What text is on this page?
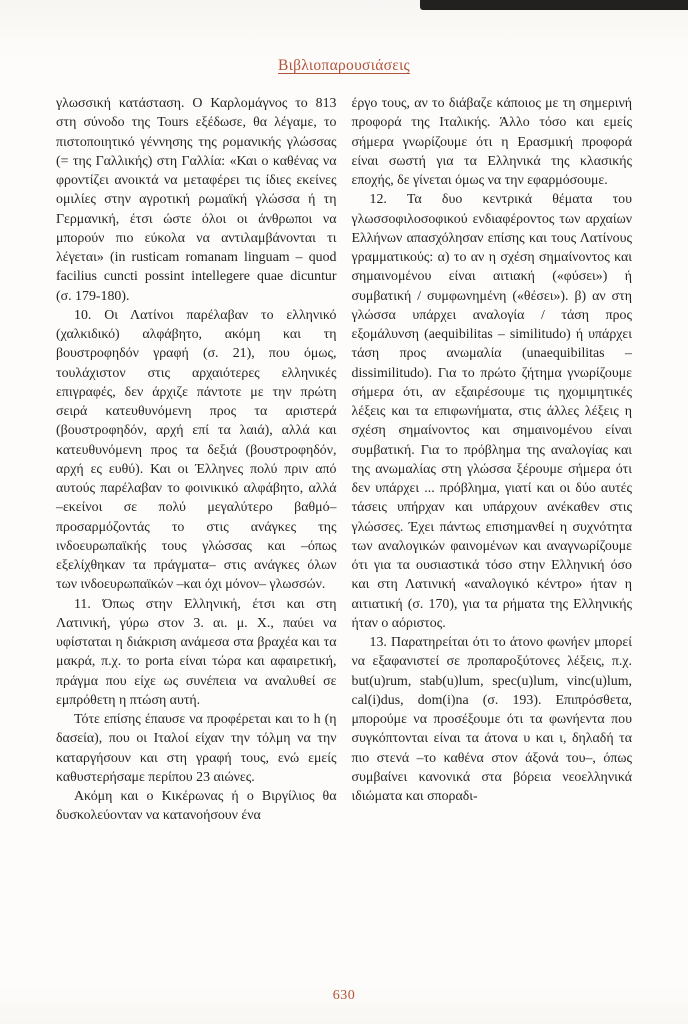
Βιβλιοπαρουσιάσεις

γλωσσική κατάσταση. Ο Καρλομάγνος το 813 στη σύνοδο της Tours εξέδωσε, θα λέγαμε, το πιστοποιητικό γέννησης της ρομανικής γλώσσας (= της Γαλλικής) στη Γαλλία: «Και ο καθένας να φροντίζει ανοικτά να μεταφέρει τις ίδιες εκείνες ομιλίες στην αγροτική ρωμαϊκή γλώσσα ή τη Γερμανική, έτσι ώστε όλοι οι άνθρωποι να μπορούν πιο εύκολα να αντιλαμβάνονται τι λέγεται» (in rusticam romanam linguam – quod facilius cuncti possint intellegere quae dicuntur (σ. 179-180).

10. Οι Λατίνοι παρέλαβαν το ελληνικό (χαλκιδικό) αλφάβητο, ακόμη και τη βουστροφηδόν γραφή (σ. 21), που όμως, τουλάχιστον στις αρχαιότερες ελληνικές επιγραφές, δεν άρχιζε πάντοτε με την πρώτη σειρά κατευθυνόμενη προς τα αριστερά (βουστροφηδόν, αρχή επί τα λαιά), αλλά και κατευθυνόμενη προς τα δεξιά (βουστροφηδόν, αρχή ες ευθύ). Και οι Έλληνες πολύ πριν από αυτούς παρέλαβαν το φοινικικό αλφάβητο, αλλά –εκείνοι σε πολύ μεγαλύτερο βαθμό– προσαρμόζοντάς το στις ανάγκες της ινδοευρωπαϊκής τους γλώσσας και –όπως εξελίχθηκαν τα πράγματα– στις ανάγκες όλων των ινδοευρωπαϊκών –και όχι μόνον– γλωσσών.

11. Όπως στην Ελληνική, έτσι και στη Λατινική, γύρω στον 3. αι. μ. Χ., παύει να υφίσταται η διάκριση ανάμεσα στα βραχέα και τα μακρά, π.χ. το porta είναι τώρα και αφαιρετική, πράγμα που είχε ως συνέπεια να αναλυθεί σε εμπρόθετη η πτώση αυτή.

Τότε επίσης έπαυσε να προφέρεται και το h (η δασεία), που οι Ιταλοί είχαν την τόλμη να την καταργήσουν και στη γραφή τους, ενώ εμείς καθυστερήσαμε περίπου 23 αιώνες.

Ακόμη και ο Κικέρωνας ή ο Βιργίλιος θα δυσκολεύονταν να κατανοήσουν ένα

έργο τους, αν το διάβαζε κάποιος με τη σημερινή προφορά της Ιταλικής. Άλλο τόσο και εμείς σήμερα γνωρίζουμε ότι η Ερασμική προφορά είναι σωστή για τα Ελληνικά της κλασικής εποχής, δε γίνεται όμως να την εφαρμόσουμε.

12. Τα δυο κεντρικά θέματα του γλωσσοφιλοσοφικού ενδιαφέροντος των αρχαίων Ελλήνων απασχόλησαν επίσης και τους Λατίνους γραμματικούς: α) το αν η σχέση σημαίνοντος και σημαινομένου είναι αιτιακή («φύσει») ή συμβατική / συμφωνημένη («θέσει»). β) αν στη γλώσσα υπάρχει αναλογία / τάση προς εξομάλυνση (aequibilitas – similitudo) ή υπάρχει τάση προς ανωμαλία (unaequibilitas – dissimilitudo). Για το πρώτο ζήτημα γνωρίζουμε σήμερα ότι, αν εξαιρέσουμε τις ηχομιμητικές λέξεις και τα επιφωνήματα, στις άλλες λέξεις η σχέση σημαίνοντος και σημαινομένου είναι συμβατική. Για το πρόβλημα της αναλογίας και της ανωμαλίας στη γλώσσα ξέρουμε σήμερα ότι δεν υπάρχει ... πρόβλημα, γιατί και οι δύο αυτές τάσεις υπήρχαν και υπάρχουν ανέκαθεν στις γλώσσες. Έχει πάντως επισημανθεί η συχνότητα των αναλογικών φαινομένων και αναγνωρίζουμε ότι για τα ουσιαστικά τόσο στην Ελληνική όσο και στη Λατινική «αναλογικό κέντρο» ήταν η αιτιατική (σ. 170), για τα ρήματα της Ελληνικής ήταν ο αόριστος.

13. Παρατηρείται ότι το άτονο φωνήεν μπορεί να εξαφανιστεί σε προπαροξύτονες λέξεις, π.χ. but(u)rum, stab(u)lum, spec(u)lum, vinc(u)lum, cal(i)dus, dom(i)na (σ. 193). Επιπρόσθετα, μπορούμε να προσέξουμε ότι τα φωνήεντα που συγκόπτονται είναι τα άτονα υ και ι, δηλαδή τα πιο στενά –το καθένα στον άξονά του–, όπως συμβαίνει κανονικά στα βόρεια νεοελληνικά ιδιώματα και σποραδι-

630
